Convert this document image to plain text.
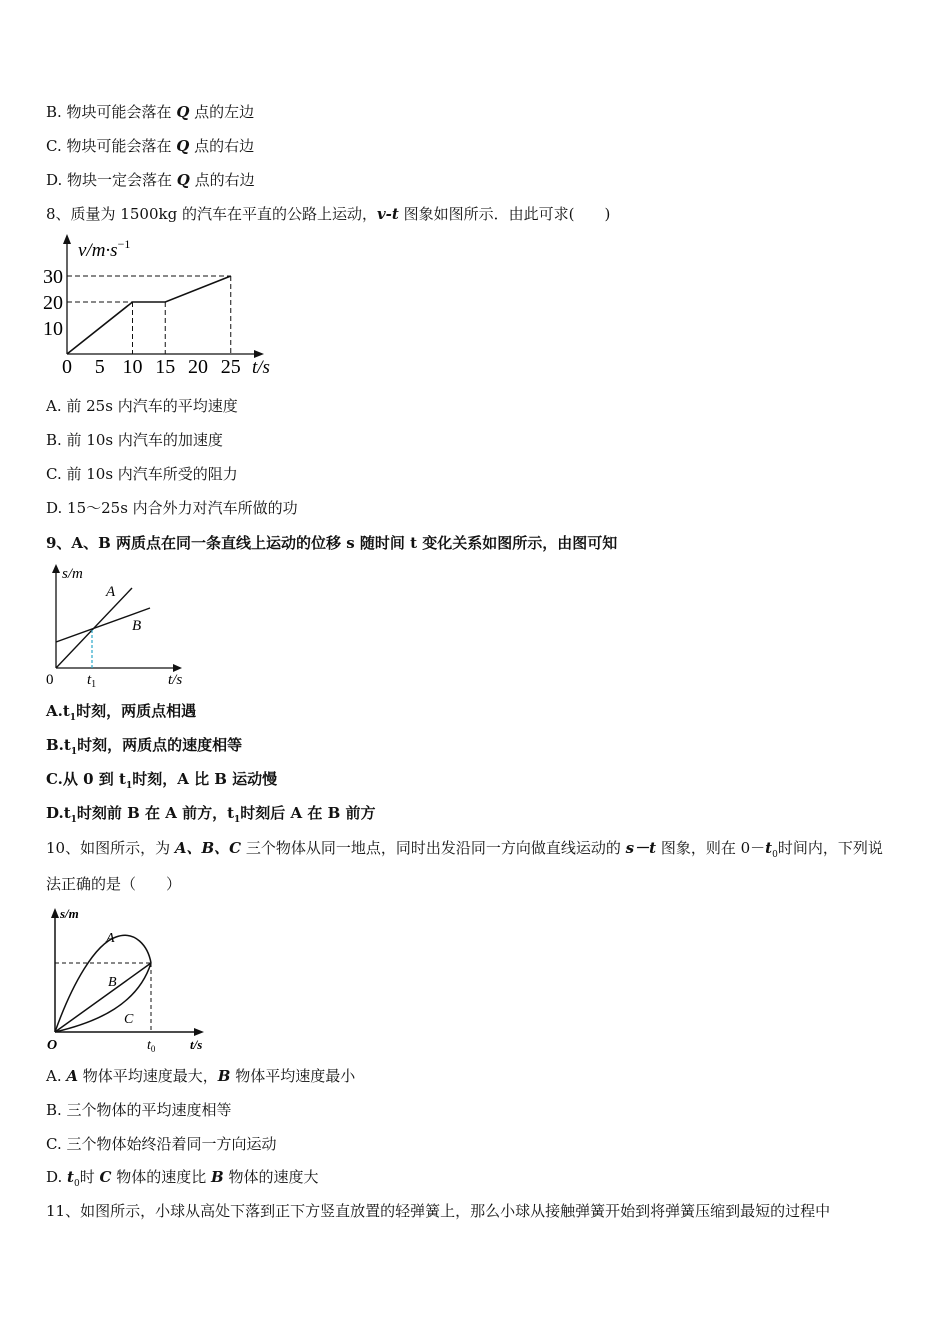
B. 物块可能会落在 Q 点的左边
C. 物块可能会落在 Q 点的右边
D. 物块一定会落在 Q 点的右边
8、质量为 1500kg 的汽车在平直的公路上运动，v-t 图象如图所示．由此可求(　　)
30
20
10
0 5 10 15 20 25
$v/m\cdot s^{-1}$
t/s
A. 前 25s 内汽车的平均速度
B. 前 10s 内汽车的加速度
C. 前 10s 内汽车所受的阻力
D. 15～25s 内合外力对汽车所做的功
9、A、B 两质点在同一条直线上运动的位移 s 随时间 t 变化关系如图所示，由图可知
s/m
A
B
0 $t_1$	t/s
$A.t_1$时刻，两质点相遇
$B.t_1$时刻，两质点的速度相等
C.从 0 到 $t_1$时刻，A 比 B 运动慢
$D.t_1$时刻前 B 在 A 前方，$t_1$时刻后 A 在 B 前方
10、如图所示，为 A、B、C 三个物体从同一地点，同时出发沿同一方向做直线运动的 s－t 图象，则在 $0-t_0$时间内，下列说
法正确的是（　　）
s/m
A
B
C
O	$t_0$	t/s
A. A 物体平均速度最大，B 物体平均速度最小
B. 三个物体的平均速度相等
C. 三个物体始终沿着同一方向运动
D. $t_0$时 C 物体的速度比 B 物体的速度大
11、如图所示，小球从高处下落到正下方竖直放置的轻弹簧上，那么小球从接触弹簧开始到将弹簧压缩到最短的过程中
